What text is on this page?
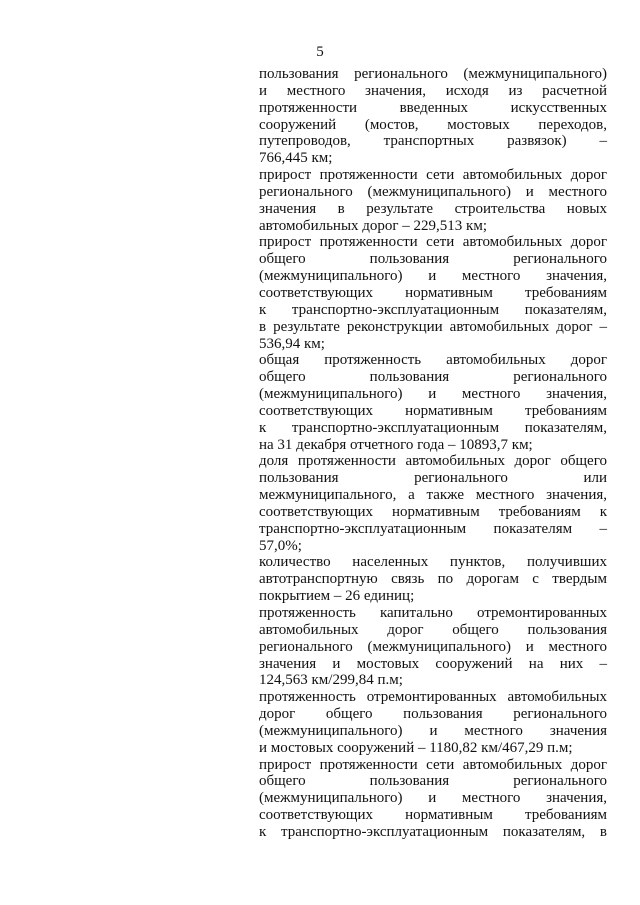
5
пользования регионального (межмуниципального)
и местного значения, исходя из расчетной
протяженности введенных искусственных
сооружений (мостов, мостовых переходов,
путепроводов, транспортных развязок) –
766,445 км;
прирост протяженности сети автомобильных дорог
регионального (межмуниципального) и местного
значения в результате строительства новых
автомобильных дорог – 229,513 км;
прирост протяженности сети автомобильных дорог
общего пользования регионального
(межмуниципального) и местного значения,
соответствующих нормативным требованиям
к транспортно-эксплуатационным показателям,
в результате реконструкции автомобильных дорог –
536,94 км;
общая протяженность автомобильных дорог
общего пользования регионального
(межмуниципального) и местного значения,
соответствующих нормативным требованиям
к транспортно-эксплуатационным показателям,
на 31 декабря отчетного года – 10893,7 км;
доля протяженности автомобильных дорог общего
пользования регионального или
межмуниципального, а также местного значения,
соответствующих нормативным требованиям к
транспортно-эксплуатационным показателям –
57,0%;
количество населенных пунктов, получивших
автотранспортную связь по дорогам с твердым
покрытием – 26 единиц;
протяженность капитально отремонтированных
автомобильных дорог общего пользования
регионального (межмуниципального) и местного
значения и мостовых сооружений на них –
124,563 км/299,84 п.м;
протяженность отремонтированных автомобильных
дорог общего пользования регионального
(межмуниципального) и местного значения
и мостовых сооружений – 1180,82 км/467,29 п.м;
прирост протяженности сети автомобильных дорог
общего пользования регионального
(межмуниципального) и местного значения,
соответствующих нормативным требованиям
к транспортно-эксплуатационным показателям, в
